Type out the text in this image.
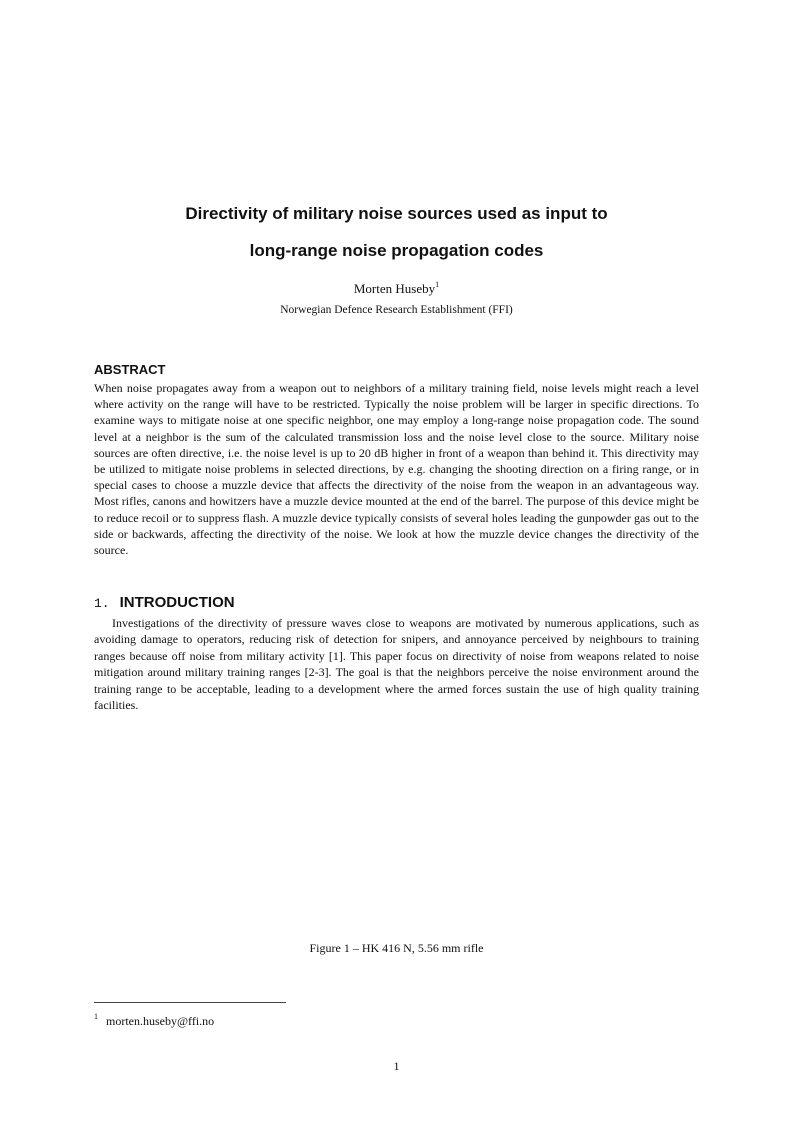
Directivity of military noise sources used as input to
long-range noise propagation codes
Morten Huseby$^1$
Norwegian Defence Research Establishment (FFI)
ABSTRACT

When noise propagates away from a weapon out to neighbors of a military training field, noise levels might reach a level where activity on the range will have to be restricted. Typically the noise problem will be larger in specific directions. To examine ways to mitigate noise at one specific neighbor, one may employ a long-range noise propagation code. The sound level at a neighbor is the sum of the calculated transmission loss and the noise level close to the source. Military noise sources are often directive, i.e. the noise level is up to 20 dB higher in front of a weapon than behind it. This directivity may be utilized to mitigate noise problems in selected directions, by e.g. changing the shooting direction on a firing range, or in special cases to choose a muzzle device that affects the directivity of the noise from the weapon in an advantageous way. Most rifles, canons and howitzers have a muzzle device mounted at the end of the barrel. The purpose of this device might be to reduce recoil or to suppress flash. A muzzle device typically consists of several holes leading the gunpowder gas out to the side or backwards, affecting the directivity of the noise. We look at how the muzzle device changes the directivity of the source.

1. INTRODUCTION

Investigations of the directivity of pressure waves close to weapons are motivated by numerous applications, such as avoiding damage to operators, reducing risk of detection for snipers, and annoyance perceived by neighbours to training ranges because off noise from military activity [1]. This paper focus on directivity of noise from weapons related to noise mitigation around military training ranges [2-3]. The goal is that the neighbors perceive the noise environment around the training range to be acceptable, leading to a development where the armed forces sustain the use of high quality training facilities.

Figure 1 – HK 416 N, 5.56 mm rifle
$^1$ morten.huseby@ffi.no
1
